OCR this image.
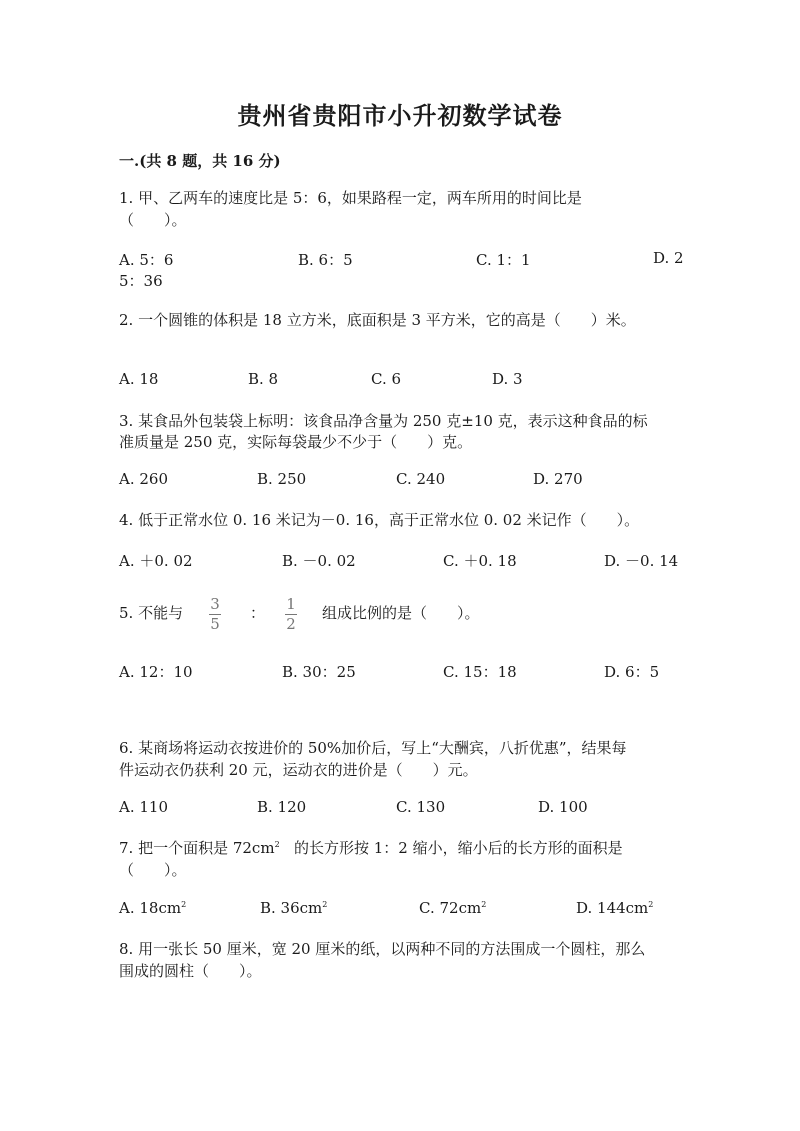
贵州省贵阳市小升初数学试卷
一.(共 8 题，共 16 分)
1. 甲、乙两车的速度比是 5：6，如果路程一定，两车所用的时间比是
（　　）。
A. 5：6	B. 6：5	C. 1：1	D. 2
5：36
2. 一个圆锥的体积是 18 立方米，底面积是 3 平方米，它的高是（　　）米。
A. 18	B. 8	C. 6	D. 3
3. 某食品外包装袋上标明：该食品净含量为 250 克±10 克，表示这种食品的标
准质量是 250 克，实际每袋最少不少于（　　）克。
A. 260	B. 250	C. 240	D. 270
4. 低于正常水位 0. 16 米记为－0. 16，高于正常水位 0. 02 米记作（　　）。
A. ＋0. 02	B. －0. 02	C. ＋0. 18	D. －0. 14
5. 不能与 3
5
： 1
2
组成比例的是（　　）。
A. 12：10	B. 30：25	C. 15：18	D. 6：5
6. 某商场将运动衣按进价的 50%加价后，写上“大酬宾，八折优惠”，结果每
件运动衣仍获利 20 元，运动衣的进价是（　　）元。
A. 110	B. 120	C. 130	D. 100
7. 把一个面积是 $72cm^2$ 的长方形按 1：2 缩小，缩小后的长方形的面积是
（　　）。
A. $18cm^2$	B. $36cm^2$	C. $72cm^2$	D. $144cm^2$
8. 用一张长 50 厘米，宽 20 厘米的纸，以两种不同的方法围成一个圆柱，那么
围成的圆柱（　　）。
